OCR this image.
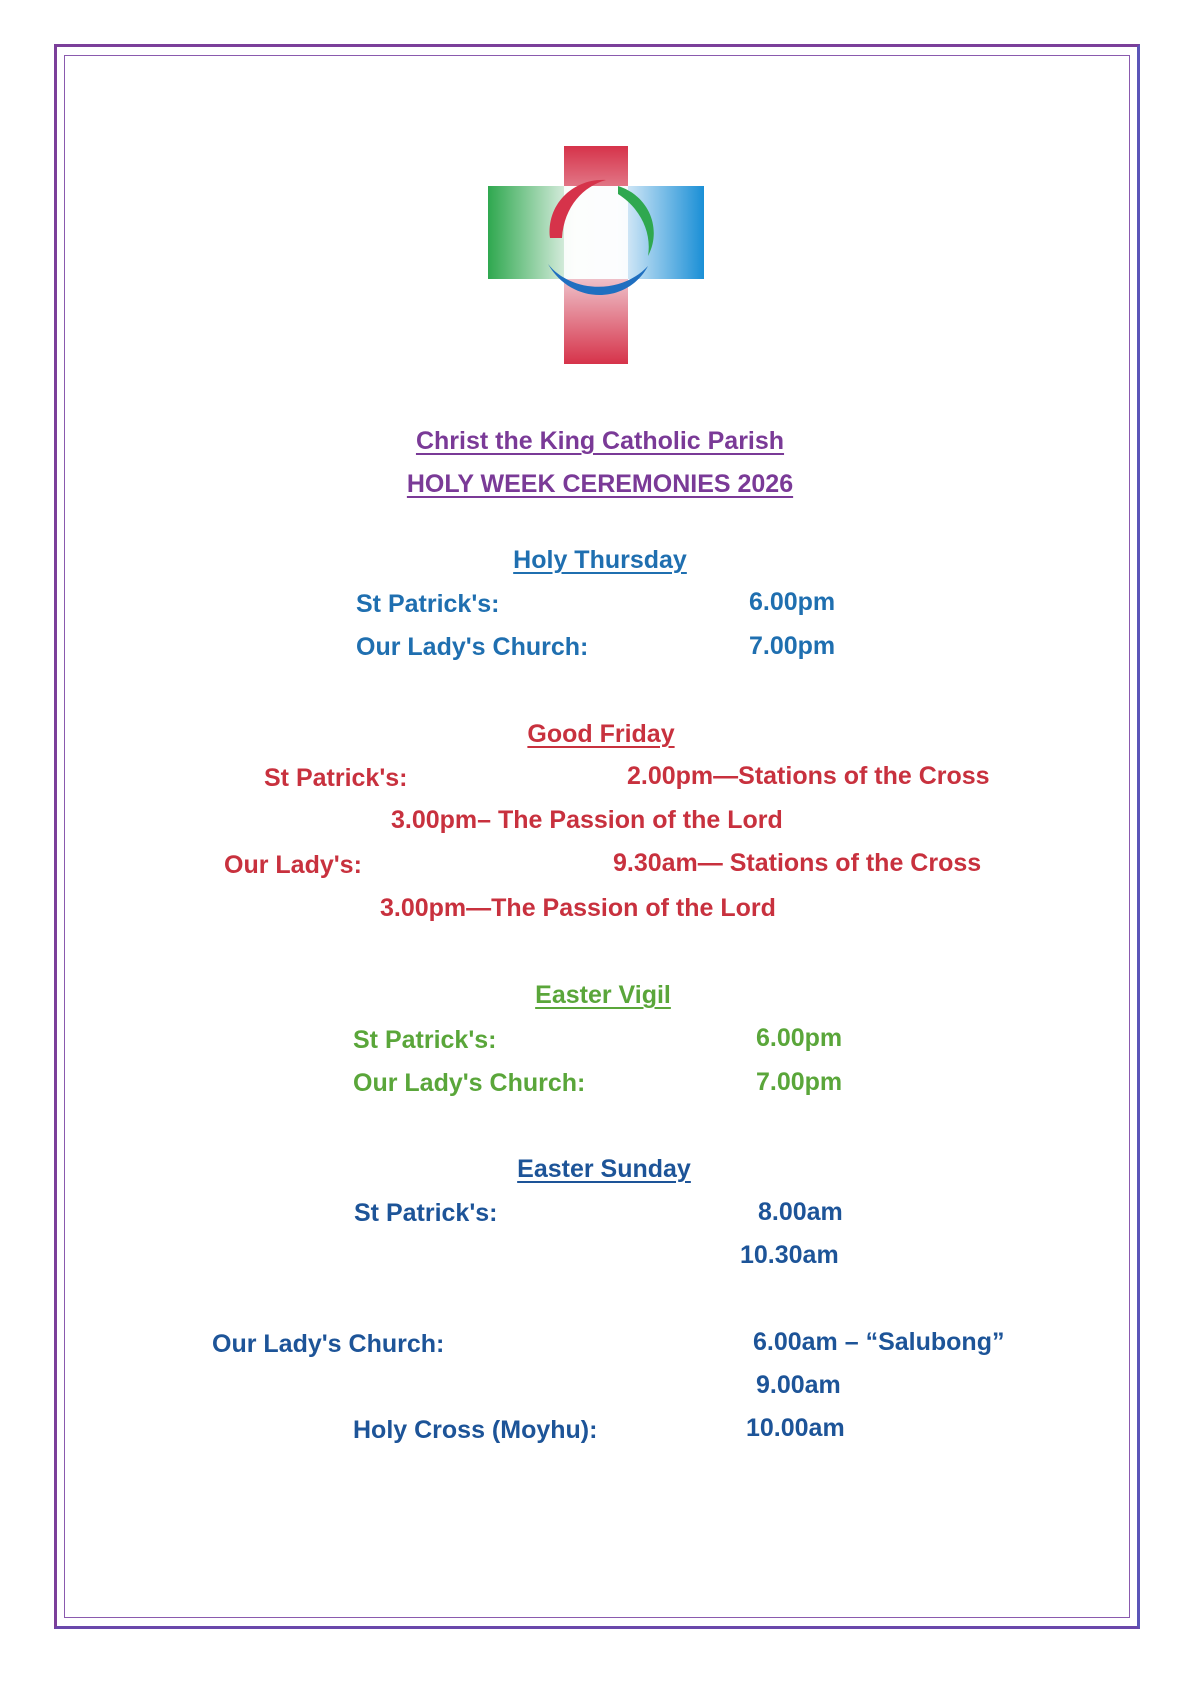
Christ the King Catholic Parish
HOLY WEEK CEREMONIES 2026
Holy Thursday
St Patrick's:	6.00pm
Our Lady's Church:	7.00pm
Good Friday
St Patrick's:	2.00pm—Stations of the Cross
3.00pm– The Passion of the Lord
Our Lady's:	9.30am— Stations of the Cross
3.00pm—The Passion of the Lord
Easter Vigil
St Patrick's:	6.00pm
Our Lady's Church:	7.00pm
Easter Sunday
St Patrick's:	8.00am
10.30am
Our Lady's Church:	6.00am – “Salubong”
9.00am
Holy Cross (Moyhu):	10.00am
